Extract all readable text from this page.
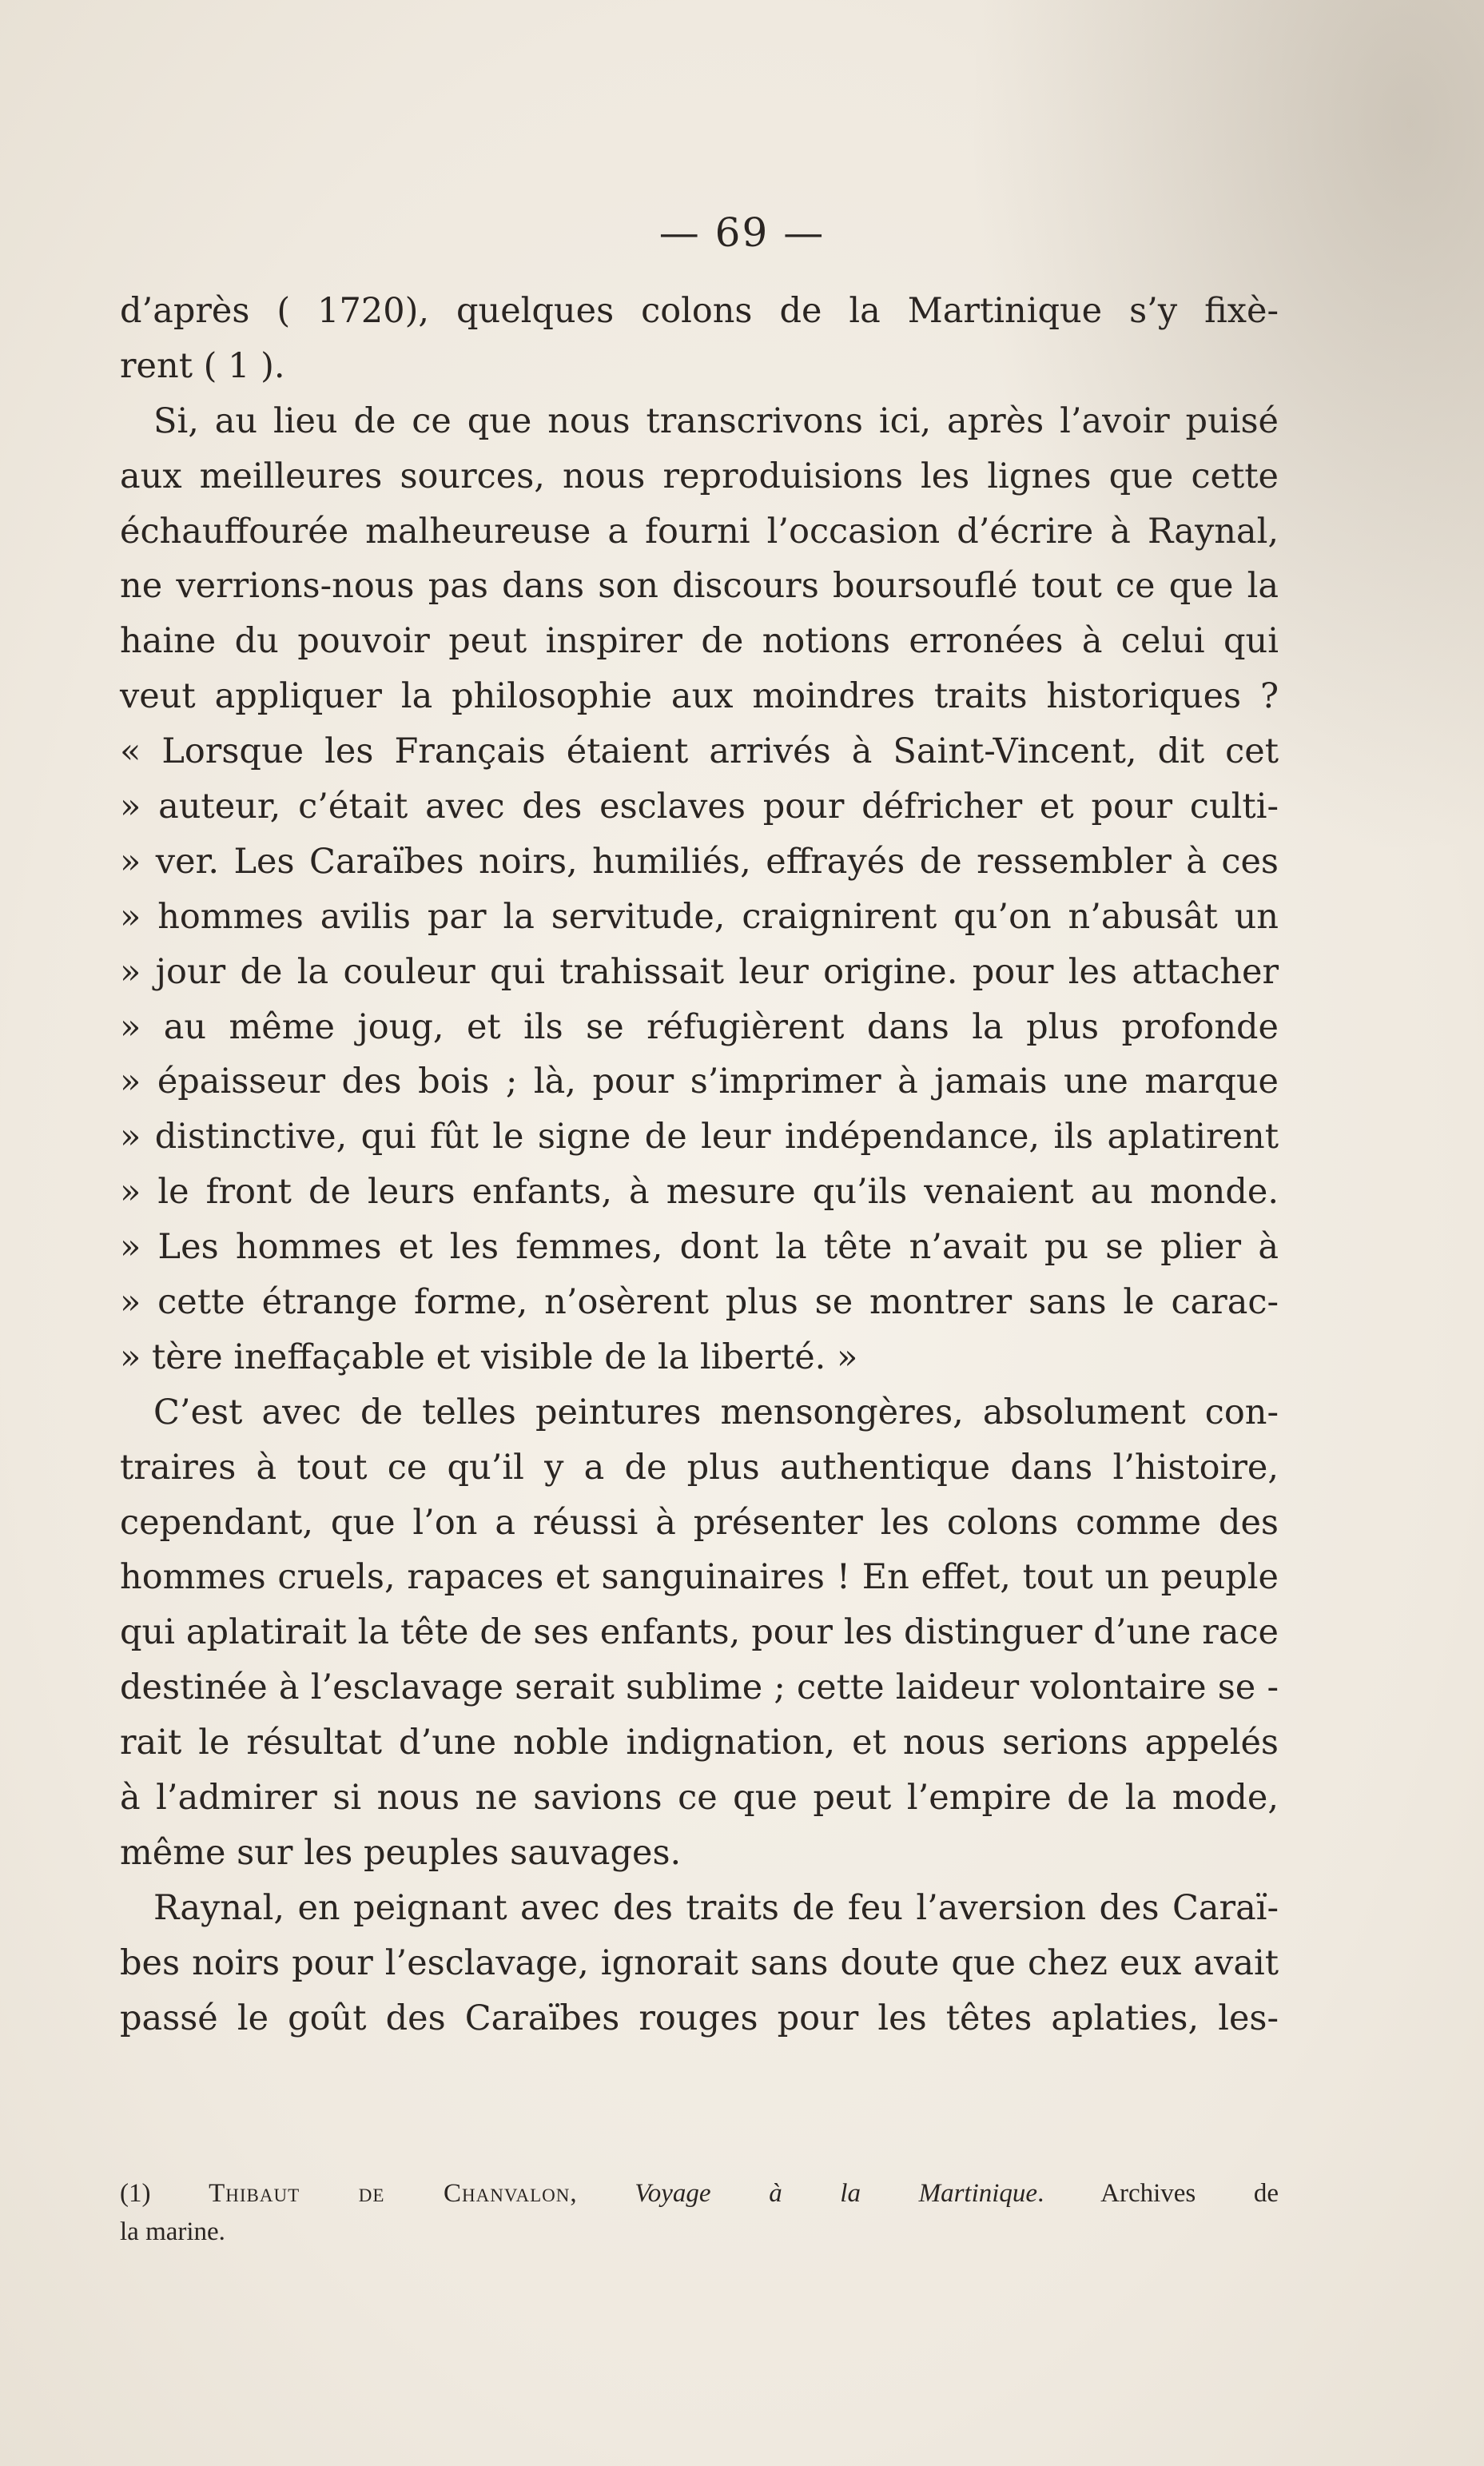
— 69 —
d’après ( 1720), quelques colons de la Martinique s’y fixè-
rent ( 1 ).
Si, au lieu de ce que nous transcrivons ici, après l’avoir puisé
aux meilleures sources, nous reproduisions les lignes que cette
échauffourée malheureuse a fourni l’occasion d’écrire à Raynal,
ne verrions-nous pas dans son discours boursouflé tout ce que la
haine du pouvoir peut inspirer de notions erronées à celui qui
veut appliquer la philosophie aux moindres traits historiques ?
« Lorsque les Français étaient arrivés à Saint-Vincent, dit cet
» auteur, c’était avec des esclaves pour défricher et pour culti-
» ver. Les Caraïbes noirs, humiliés, effrayés de ressembler à ces
» hommes avilis par la servitude, craignirent qu’on n’abusât un
» jour de la couleur qui trahissait leur origine. pour les attacher
» au même joug, et ils se réfugièrent dans la plus profonde
» épaisseur des bois ; là, pour s’imprimer à jamais une marque
» distinctive, qui fût le signe de leur indépendance, ils aplatirent
» le front de leurs enfants, à mesure qu’ils venaient au monde.
» Les hommes et les femmes, dont la tête n’avait pu se plier à
» cette étrange forme, n’osèrent plus se montrer sans le carac-
» tère ineffaçable et visible de la liberté. »
C’est avec de telles peintures mensongères, absolument con-
traires à tout ce qu’il y a de plus authentique dans l’histoire,
cependant, que l’on a réussi à présenter les colons comme des
hommes cruels, rapaces et sanguinaires ! En effet, tout un peuple
qui aplatirait la tête de ses enfants, pour les distinguer d’une race
destinée à l’esclavage serait sublime ; cette laideur volontaire se -
rait le résultat d’une noble indignation, et nous serions appelés
à l’admirer si nous ne savions ce que peut l’empire de la mode,
même sur les peuples sauvages.
Raynal, en peignant avec des traits de feu l’aversion des Caraï-
bes noirs pour l’esclavage, ignorait sans doute que chez eux avait
passé le goût des Caraïbes rouges pour les têtes aplaties, les-
(1) Thibaut de Chanvalon, Voyage à la Martinique. Archives de
la marine.
